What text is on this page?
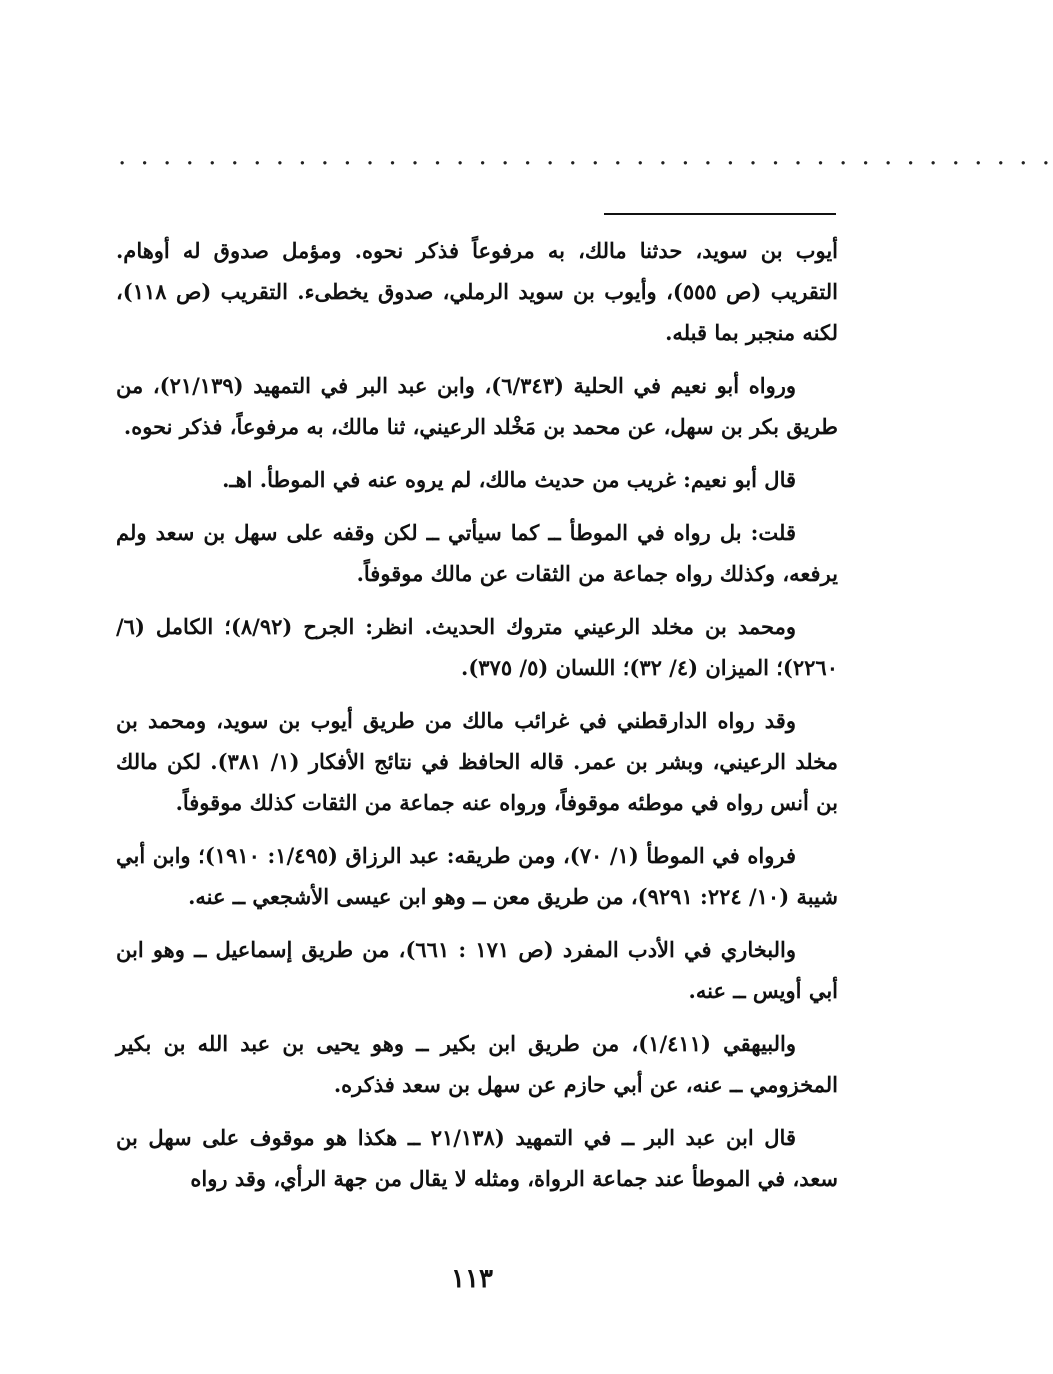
. . . . . . . . . . . . . . . . . . . . . . . . . . . . . . . . . . . . . . . . . .

أيوب بن سويد، حدثنا مالك، به مرفوعاً فذكر نحوه. ومؤمل صدوق له أوهام. التقريب (ص ٥٥٥)، وأيوب بن سويد الرملي، صدوق يخطىء. التقريب (ص ١١٨)، لكنه منجبر بما قبله.

ورواه أبو نعيم في الحلية (٦/٣٤٣)، وابن عبد البر في التمهيد (٢١/١٣٩)، من طريق بكر بن سهل، عن محمد بن مَخْلد الرعيني، ثنا مالك، به مرفوعاً، فذكر نحوه.

قال أبو نعيم: غريب من حديث مالك، لم يروه عنه في الموطأ. اهـ.

قلت: بل رواه في الموطأ ــ كما سيأتي ــ لكن وقفه على سهل بن سعد ولم يرفعه، وكذلك رواه جماعة من الثقات عن مالك موقوفاً.

ومحمد بن مخلد الرعيني متروك الحديث. انظر: الجرح (٨/٩٢)؛ الكامل (٦/ ٢٢٦٠)؛ الميزان (٤/ ٣٢)؛ اللسان (٥/ ٣٧٥).

وقد رواه الدارقطني في غرائب مالك من طريق أيوب بن سويد، ومحمد بن مخلد الرعيني، وبشر بن عمر. قاله الحافظ في نتائج الأفكار (١/ ٣٨١). لكن مالك بن أنس رواه في موطئه موقوفاً، ورواه عنه جماعة من الثقات كذلك موقوفاً.

فرواه في الموطأ (١/ ٧٠)، ومن طريقه: عبد الرزاق (١/٤٩٥: ١٩١٠)؛ وابن أبي شيبة (١٠/ ٢٢٤: ٩٢٩١)، من طريق معن ــ وهو ابن عيسى الأشجعي ــ عنه.

والبخاري في الأدب المفرد (ص ١٧١ : ٦٦١)، من طريق إسماعيل ــ وهو ابن أبي أويس ــ عنه.

والبيهقي (١/٤١١)، من طريق ابن بكير ــ وهو يحيى بن عبد الله بن بكير المخزومي ــ عنه، عن أبي حازم عن سهل بن سعد فذكره.

قال ابن عبد البر ــ في التمهيد (٢١/١٣٨ ــ هكذا هو موقوف على سهل بن سعد، في الموطأ عند جماعة الرواة، ومثله لا يقال من جهة الرأي، وقد رواه

١١٣
